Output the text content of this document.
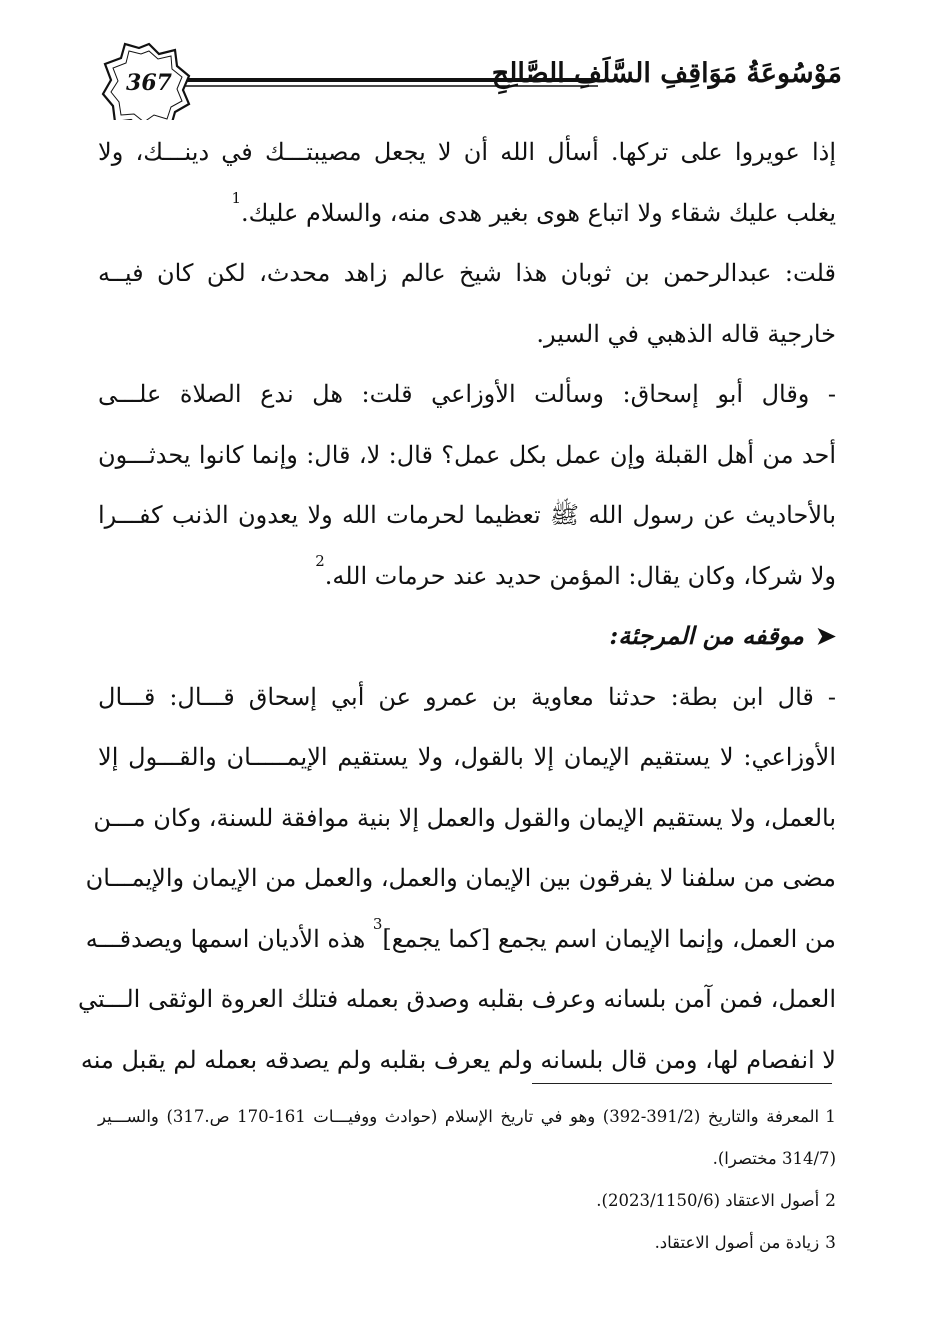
367	مَوْسُوعَةُ مَوَاقِفِ السَّلَفِ الصَّالِحِ
إذا عويروا على تركها. أسأل الله أن لا يجعل مصيبتـــك في دينـــك، ولا
يغلب عليك شقاء ولا اتباع هوى بغير هدى منه، والسلام عليك.$^1$
قلت: عبدالرحمن بن ثوبان هذا شيخ عالم زاهد محدث، لكن كان فيــه
خارجية قاله الذهبي في السير.
- وقال أبو إسحاق: وسألت الأوزاعي قلت: هل ندع الصلاة علـــى
أحد من أهل القبلة وإن عمل بكل عمل؟ قال: لا، قال: وإنما كانوا يحدثـــون
بالأحاديث عن رسول الله ﷺ تعظيما لحرمات الله ولا يعدون الذنب كفـــرا
ولا شركا، وكان يقال: المؤمن حديد عند حرمات الله.$^2$
➤موقفه من المرجئة:
- قال ابن بطة: حدثنا معاوية بن عمرو عن أبي إسحاق قـــال: قـــال
الأوزاعي: لا يستقيم الإيمان إلا بالقول، ولا يستقيم الإيمـــــان والقـــول إلا
بالعمل، ولا يستقيم الإيمان والقول والعمل إلا بنية موافقة للسنة، وكان مـــن
مضى من سلفنا لا يفرقون بين الإيمان والعمل، والعمل من الإيمان والإيمـــان
من العمل، وإنما الإيمان اسم يجمع [كما يجمع]$^3$ هذه الأديان اسمها ويصدقـــه
العمل، فمن آمن بلسانه وعرف بقلبه وصدق بعمله فتلك العروة الوثقى الـــتي
لا انفصام لها، ومن قال بلسانه ولم يعرف بقلبه ولم يصدقه بعمله لم يقبل منه
1المعرفة والتاريخ (391/2-392) وهو في تاريخ الإسلام (حوادث ووفيـــات 161-170 ص.317) والســـير
(314/7 مختصرا).
2أصول الاعتقاد (2023/1150/6).
3زيادة من أصول الاعتقاد.
